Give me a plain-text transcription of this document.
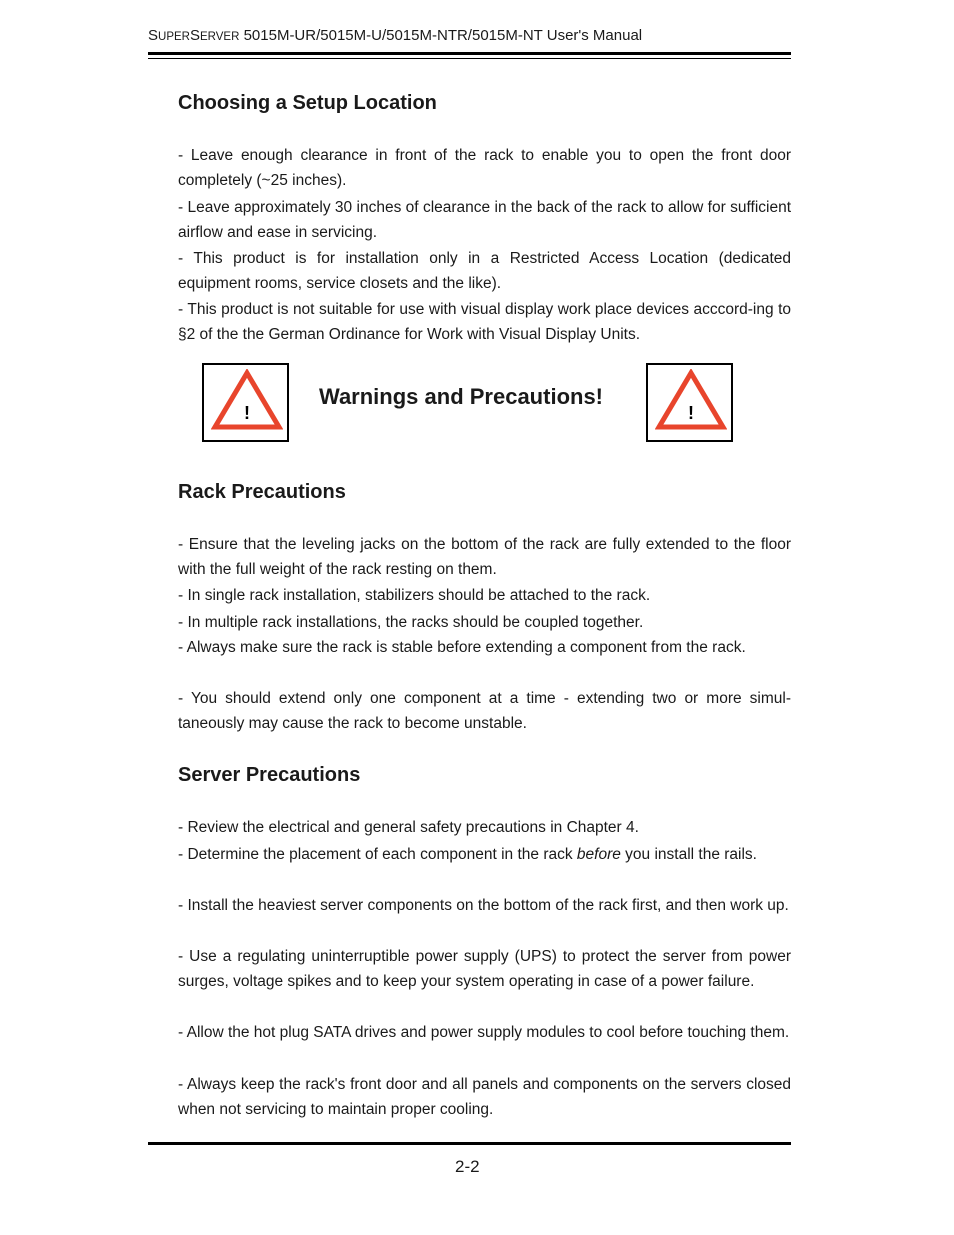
SUPERSERVER 5015M-UR/5015M-U/5015M-NTR/5015M-NT User's Manual
Choosing a Setup Location

- Leave enough clearance in front of the rack to enable you to open the front door completely (~25 inches).

- Leave approximately 30 inches of clearance in the back of the rack to allow for sufficient airflow and ease in servicing.

- This product is for installation only in a Restricted Access Location (dedicated equipment rooms, service closets and the like).

- This product is not suitable for use with visual display work place devices acccord-ing to §2 of the the German Ordinance for Work with Visual Display Units.

!
Warnings and Precautions!
!
Rack Precautions

- Ensure that the leveling jacks on the bottom of the rack are fully extended to the floor with the full weight of the rack resting on them.

- In single rack installation, stabilizers should be attached to the rack.

- In multiple rack installations, the racks should be coupled together.

- Always make sure the rack is stable before extending a component from the rack.

- You should extend only one component at a time - extending two or more simul-taneously may cause the rack to become unstable.

Server Precautions

- Review the electrical and general safety precautions in Chapter 4.

- Determine the placement of each component in the rack before you install the rails.

- Install the heaviest server components on the bottom of the rack first, and then work up.

- Use a regulating uninterruptible power supply (UPS) to protect the server from power surges, voltage spikes and to keep your system operating in case of a power failure.

- Allow the hot plug SATA drives and power supply modules to cool before touching them.

- Always keep the rack's front door and all panels and components on the servers closed when not servicing to maintain proper cooling.

2-2
